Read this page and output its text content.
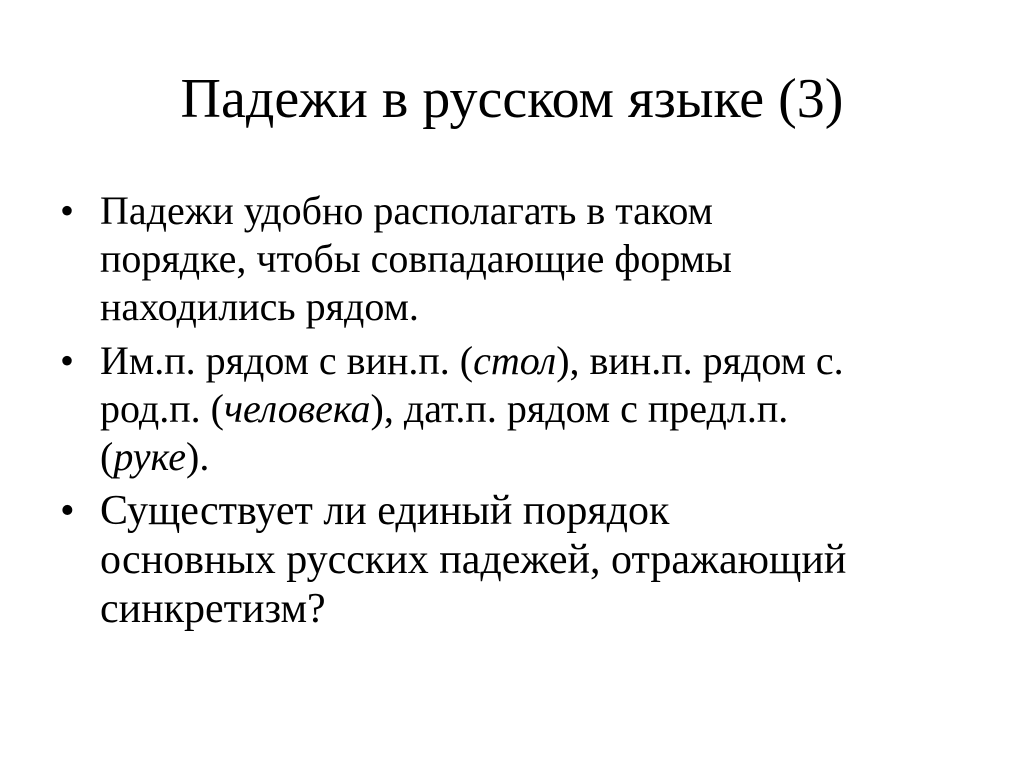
Падежи в русском языке (3)
• Падежи удобно располагать в таком
порядке, чтобы совпадающие формы
находились рядом.
• Им.п. рядом с вин.п. (стол), вин.п. рядом с.
род.п. (человека), дат.п. рядом с предл.п.
(руке).
• Существует ли единый порядок
основных русских падежей, отражающий
синкретизм?
